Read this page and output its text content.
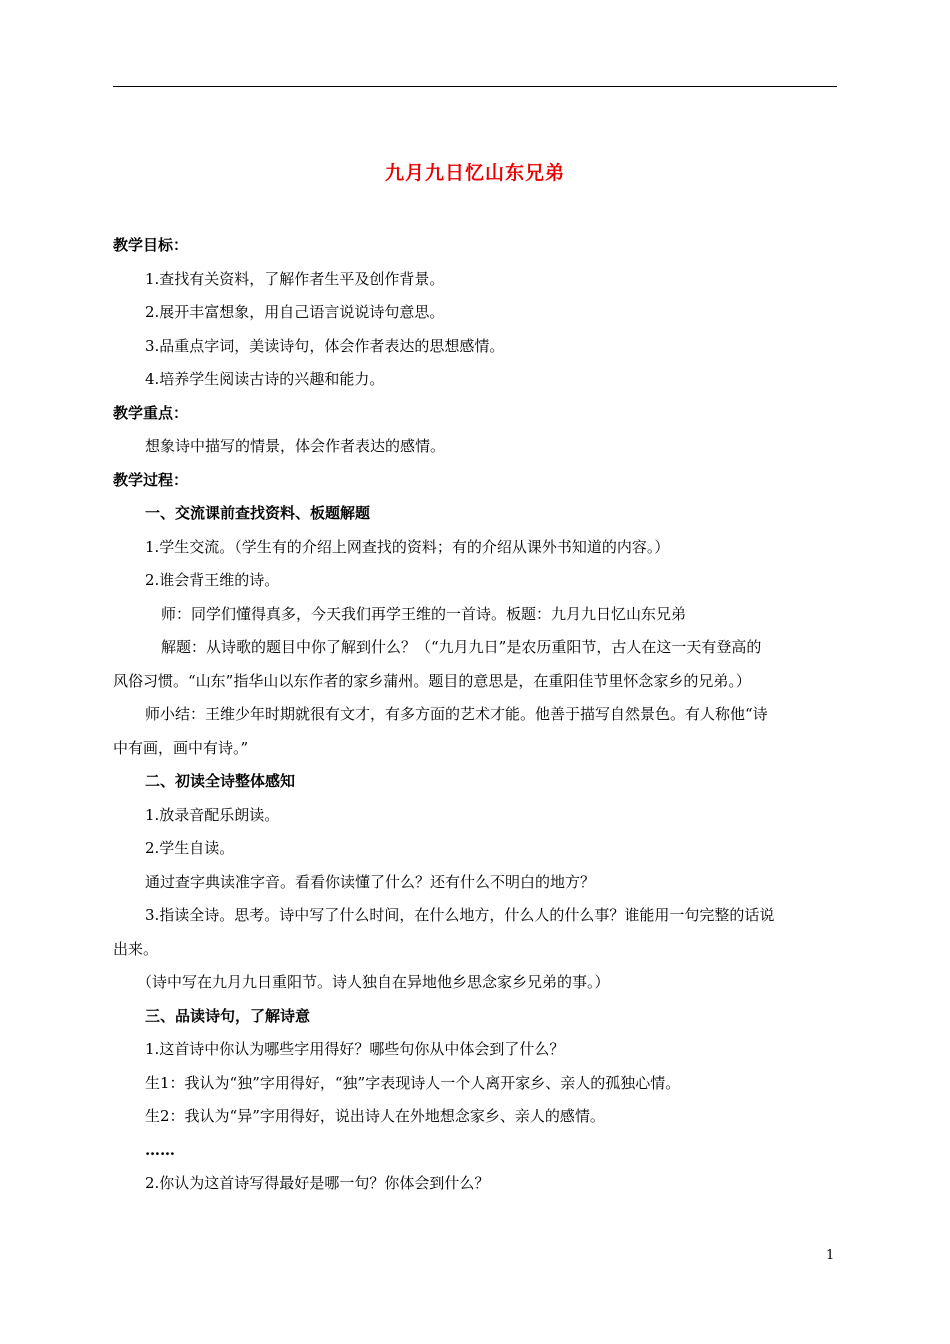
九月九日忆山东兄弟
教学目标：
1.查找有关资料，了解作者生平及创作背景。
2.展开丰富想象，用自己语言说说诗句意思。
3.品重点字词，美读诗句，体会作者表达的思想感情。
4.培养学生阅读古诗的兴趣和能力。
教学重点：
想象诗中描写的情景，体会作者表达的感情。
教学过程：
一、交流课前查找资料、板题解题
1.学生交流。（学生有的介绍上网查找的资料；有的介绍从课外书知道的内容。）
2.谁会背王维的诗。
师：同学们懂得真多，今天我们再学王维的一首诗。板题：九月九日忆山东兄弟
解题：从诗歌的题目中你了解到什么？（“九月九日”是农历重阳节，古人在这一天有登高的
风俗习惯。“山东”指华山以东作者的家乡蒲州。题目的意思是，在重阳佳节里怀念家乡的兄弟。）
师小结：王维少年时期就很有文才，有多方面的艺术才能。他善于描写自然景色。有人称他“诗
中有画，画中有诗。”
二、初读全诗整体感知
1.放录音配乐朗读。
2.学生自读。
通过查字典读准字音。看看你读懂了什么？还有什么不明白的地方？
3.指读全诗。思考。诗中写了什么时间，在什么地方，什么人的什么事？谁能用一句完整的话说
出来。
（诗中写在九月九日重阳节。诗人独自在异地他乡思念家乡兄弟的事。）
三、品读诗句，了解诗意
1.这首诗中你认为哪些字用得好？哪些句你从中体会到了什么？
生1：我认为“独”字用得好，“独”字表现诗人一个人离开家乡、亲人的孤独心情。
生2：我认为“异”字用得好，说出诗人在外地想念家乡、亲人的感情。
……
2.你认为这首诗写得最好是哪一句？你体会到什么？
1
